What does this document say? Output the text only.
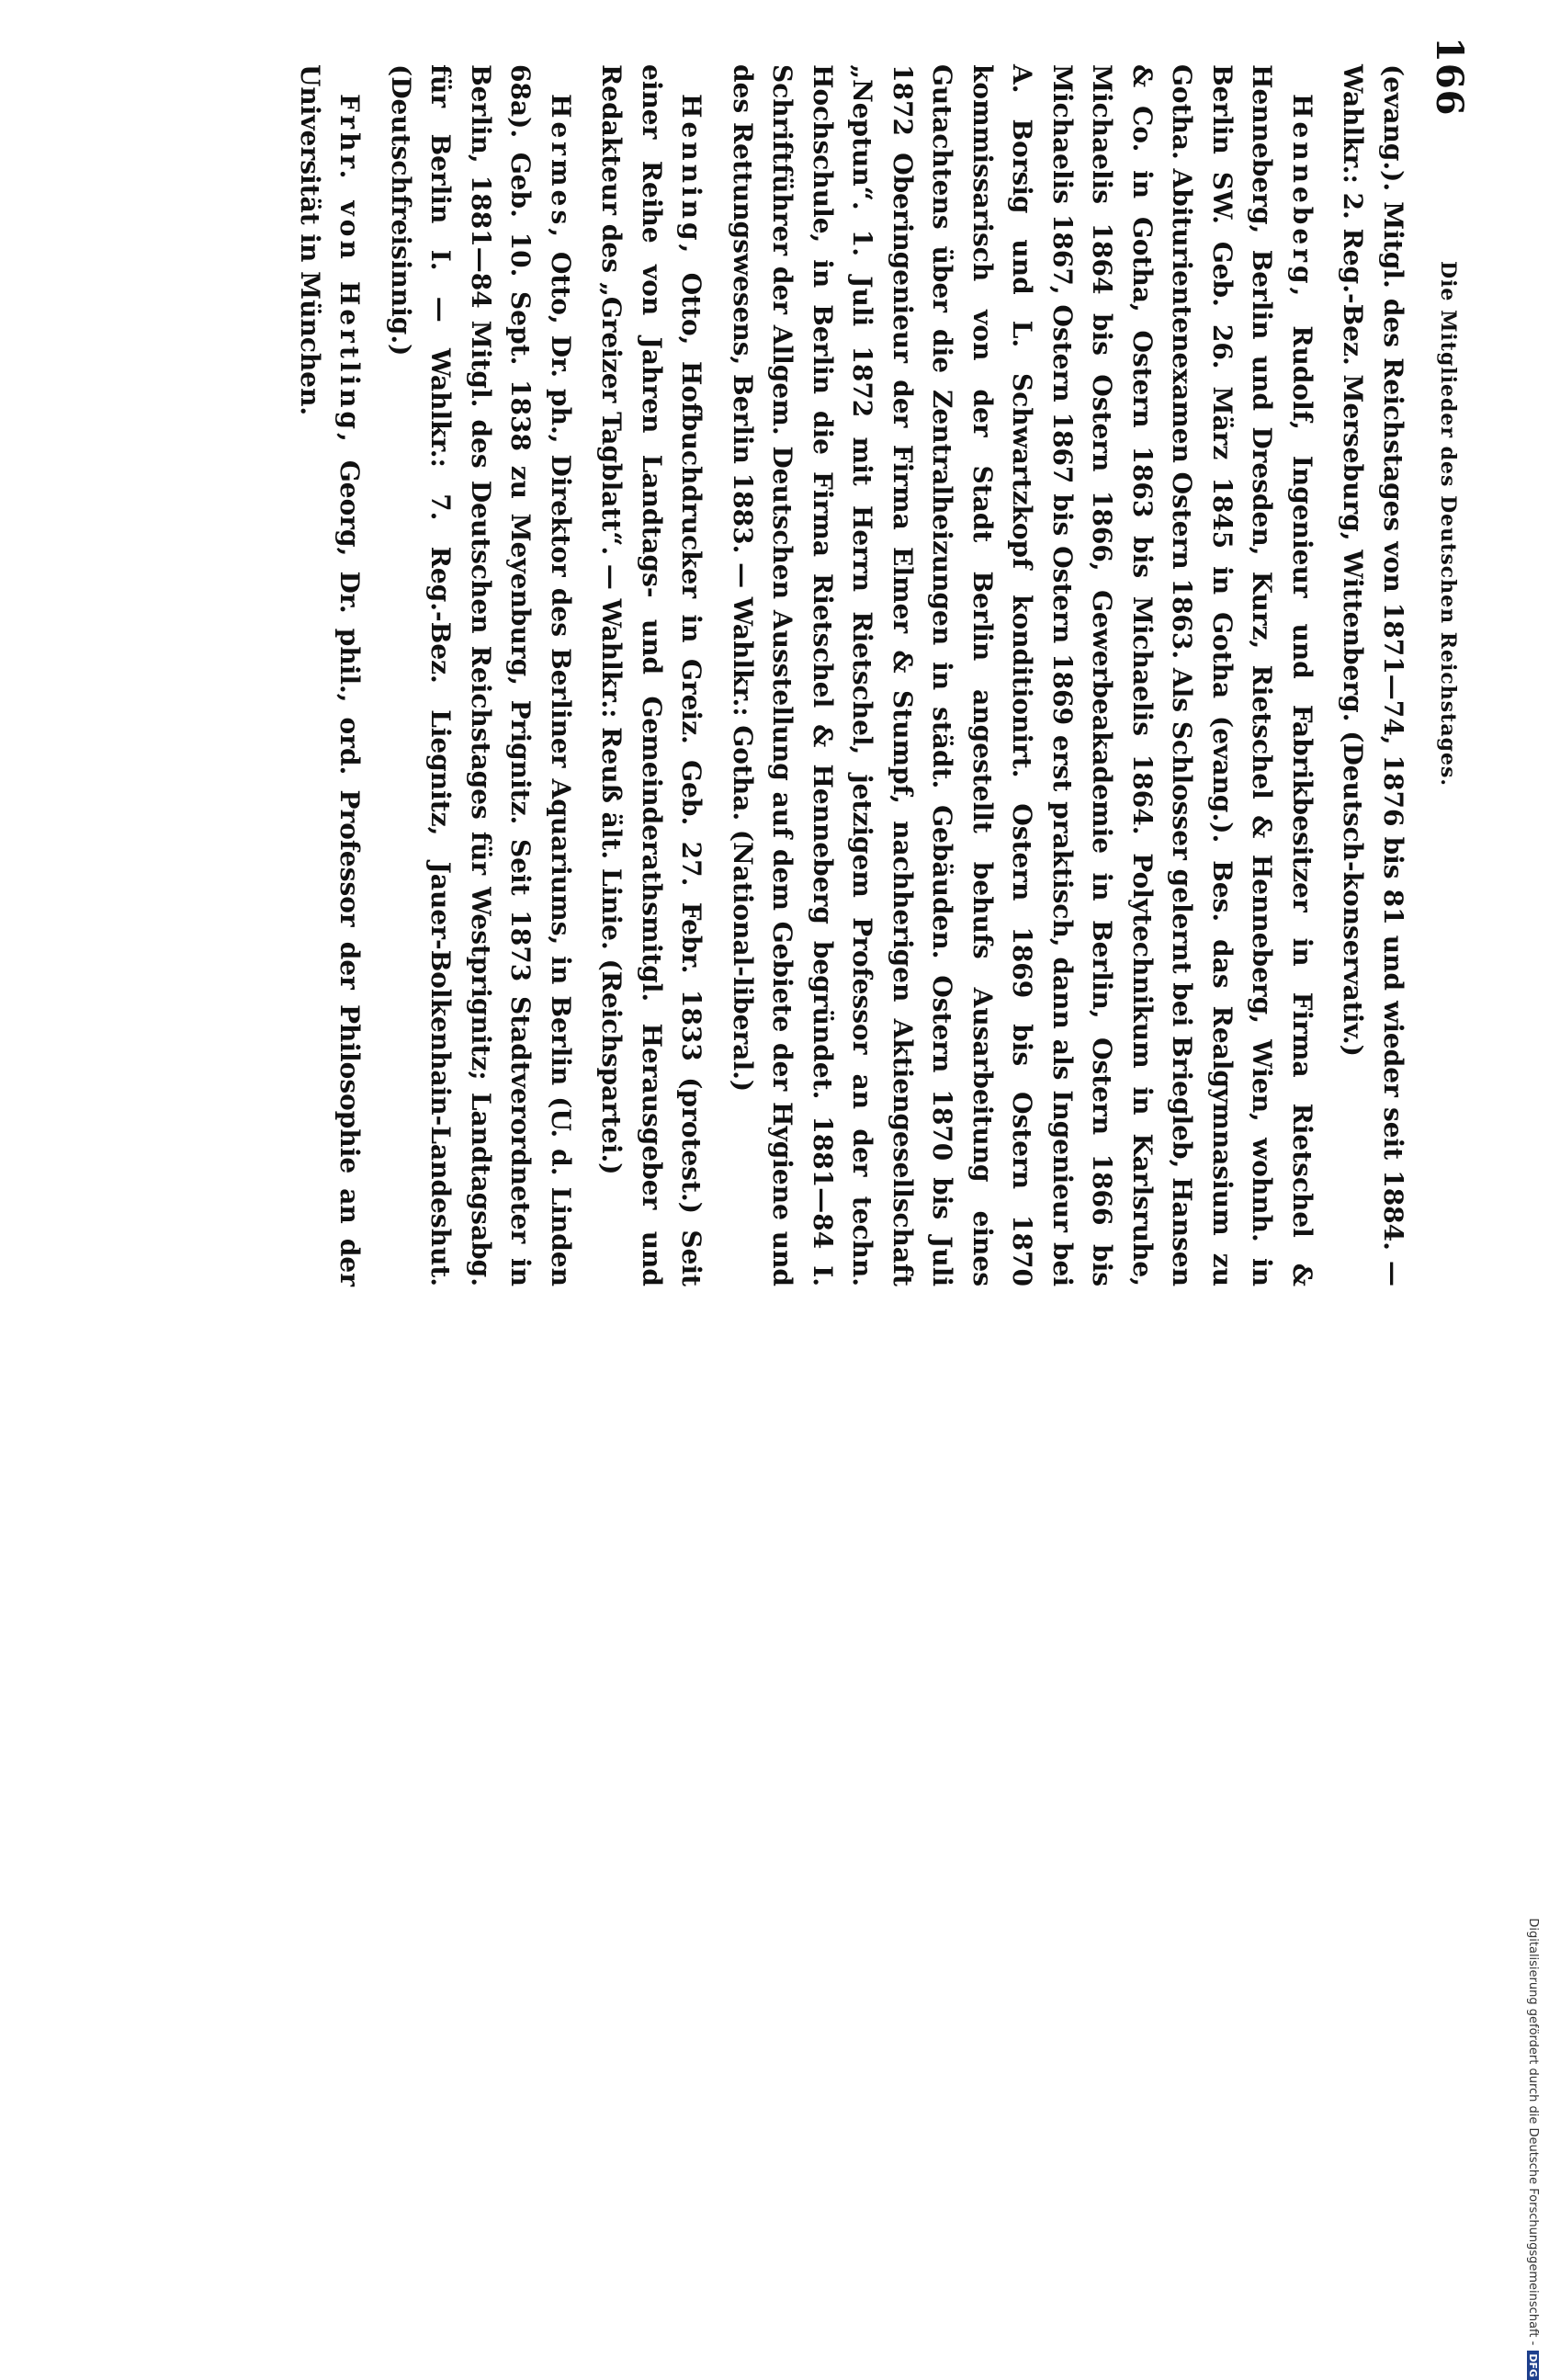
166
Die Mitglieder des Deutschen Reichstages.

(evang.). Mitgl. des Reichstages von 1871—74, 1876 bis 81 und wieder seit 1884. — Wahlkr.: 2. Reg.-Bez. Merseburg, Wittenberg. (Deutsch-konservativ.)

Henneberg, Rudolf, Ingenieur und Fabrikbesitzer in Firma Rietschel & Henneberg, Berlin und Dresden, Kurz, Rietschel & Henneberg, Wien, wohnh. in Berlin SW. Geb. 26. März 1845 in Gotha (evang.). Bes. das Realgymnasium zu Gotha. Abiturientenexamen Ostern 1863. Als Schlosser gelernt bei Briegleb, Hansen & Co. in Gotha, Ostern 1863 bis Michaelis 1864. Polytechnikum in Karlsruhe, Michaelis 1864 bis Ostern 1866, Gewerbeakademie in Berlin, Ostern 1866 bis Michaelis 1867, Ostern 1867 bis Ostern 1869 erst praktisch, dann als Ingenieur bei A. Borsig und L. Schwartzkopf konditionirt. Ostern 1869 bis Ostern 1870 kommissarisch von der Stadt Berlin angestellt behufs Ausarbeitung eines Gutachtens über die Zentralheizungen in städt. Gebäuden. Ostern 1870 bis Juli 1872 Oberingenieur der Firma Elmer & Stumpf, nachherigen Aktiengesellschaft „Neptun“. 1. Juli 1872 mit Herrn Rietschel, jetzigem Professor an der techn. Hochschule, in Berlin die Firma Rietschel & Henneberg begründet. 1881—84 I. Schriftführer der Allgem. Deutschen Ausstellung auf dem Gebiete der Hygiene und des Rettungswesens, Berlin 1883. — Wahlkr.: Gotha. (National-liberal.)

Henning, Otto, Hofbuchdrucker in Greiz. Geb. 27. Febr. 1833 (protest.) Seit einer Reihe von Jahren Landtags- und Gemeinderathsmitgl. Herausgeber und Redakteur des „Greizer Tagblatt“. — Wahlkr.: Reuß ält. Linie. (Reichspartei.)

Hermes, Otto, Dr. ph., Direktor des Berliner Aquariums, in Berlin (U. d. Linden 68a). Geb. 10. Sept. 1838 zu Meyenburg, Prignitz. Seit 1873 Stadtverordneter in Berlin, 1881—84 Mitgl. des Deutschen Reichstages für Westprignitz; Landtagsabg. für Berlin I. — Wahlkr.: 7. Reg.-Bez. Liegnitz, Jauer-Bolkenhain-Landeshut. (Deutschfreisinnig.)

Frhr. von Hertling, Georg, Dr. phil., ord. Professor der Philosophie an der Universität in München.

Digitalisierung gefördert durch die Deutsche Forschungsgemeinschaft -DFG
